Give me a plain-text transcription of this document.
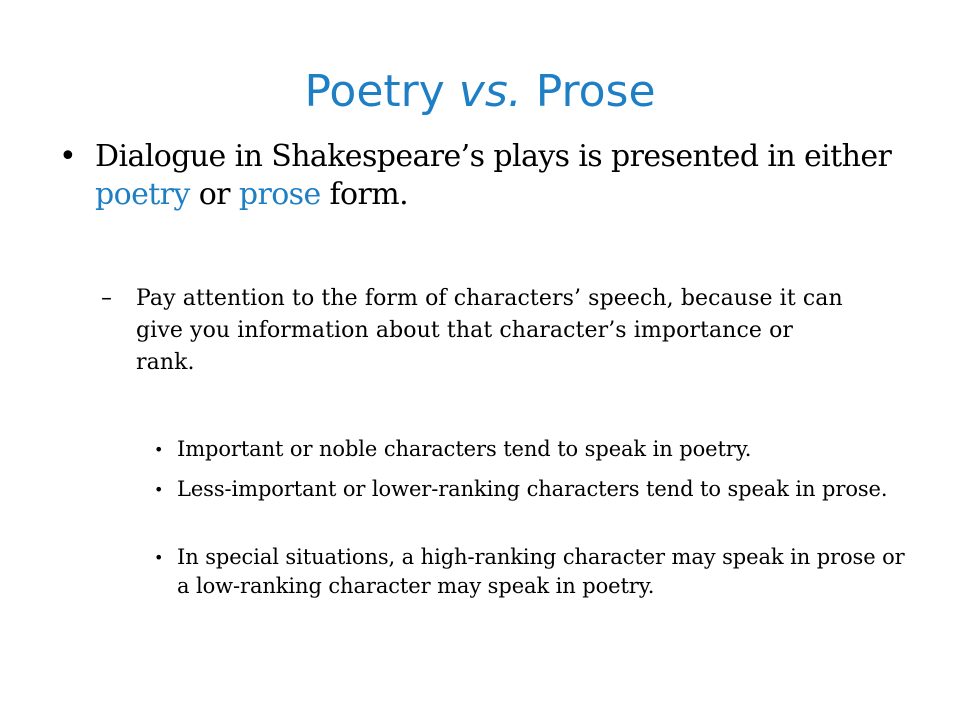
Poetry vs. Prose
• Dialogue in Shakespeare’s plays is presented in either poetry or prose form.
– Pay attention to the form of characters’ speech, because it can give you information about that character’s importance or rank.
• Important or noble characters tend to speak in poetry.
• Less-important or lower-ranking characters tend to speak in prose.
• In special situations, a high-ranking character may speak in prose or a low-ranking character may speak in poetry.
